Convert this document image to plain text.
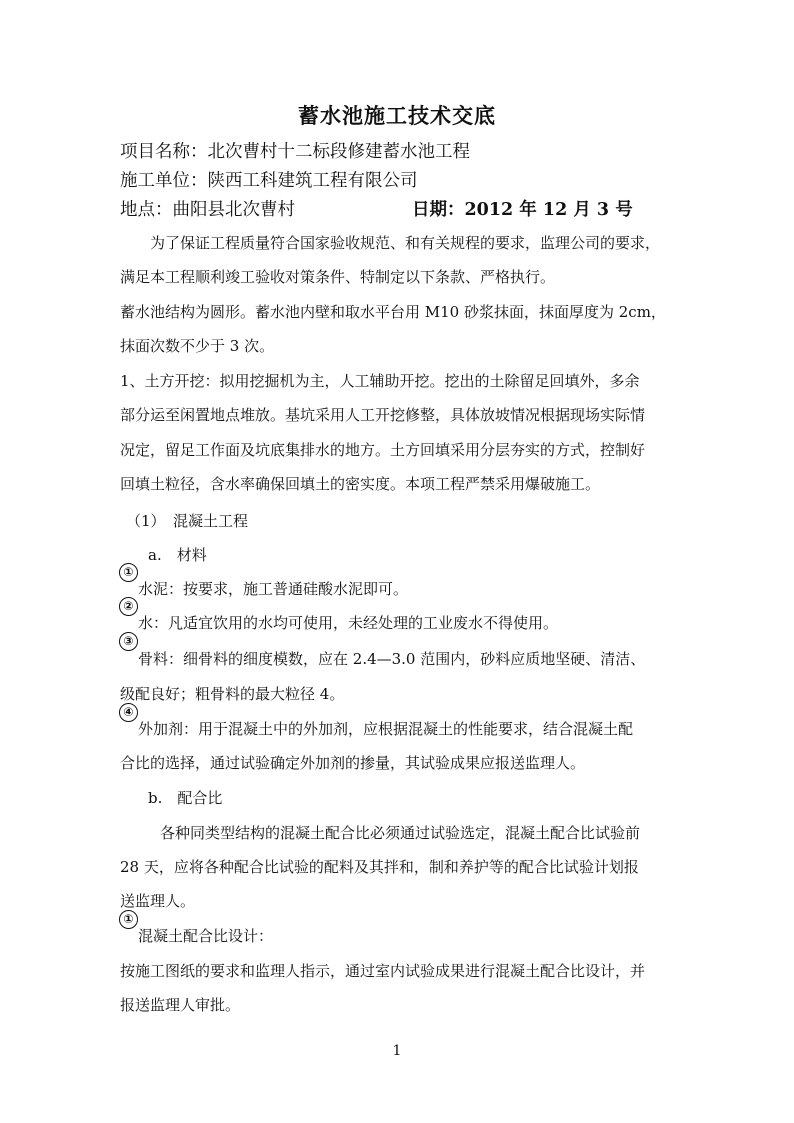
蓄水池施工技术交底
项目名称：北次曹村十二标段修建蓄水池工程
施工单位：陕西工科建筑工程有限公司
地点：曲阳县北次曹村	日期：2012 年 12 月 3 号
为了保证工程质量符合国家验收规范、和有关规程的要求，监理公司的要求，
满足本工程顺利竣工验收对策条件、特制定以下条款、严格执行。
蓄水池结构为圆形。蓄水池内壁和取水平台用 M10 砂浆抹面，抹面厚度为 2cm，
抹面次数不少于 3 次。
1、土方开挖：拟用挖掘机为主，人工辅助开挖。挖出的土除留足回填外，多余
部分运至闲置地点堆放。基坑采用人工开挖修整，具体放坡情况根据现场实际情
况定，留足工作面及坑底集排水的地方。土方回填采用分层夯实的方式，控制好
回填土粒径，含水率确保回填土的密实度。本项工程严禁采用爆破施工。
（1）　混凝土工程
a.　材料
①
水泥：按要求，施工普通硅酸水泥即可。
②
水：凡适宜饮用的水均可使用，未经处理的工业废水不得使用。
③
骨料：细骨料的细度模数，应在 2.4—3.0 范围内，砂料应质地坚硬、清洁、
级配良好；粗骨料的最大粒径 4。
④
外加剂：用于混凝土中的外加剂，应根据混凝土的性能要求，结合混凝土配
合比的选择，通过试验确定外加剂的掺量，其试验成果应报送监理人。
b.　配合比
各种同类型结构的混凝土配合比必须通过试验选定，混凝土配合比试验前
28 天，应将各种配合比试验的配料及其拌和，制和养护等的配合比试验计划报
送监理人。
①
混凝土配合比设计：
按施工图纸的要求和监理人指示，通过室内试验成果进行混凝土配合比设计，并
报送监理人审批。
1
